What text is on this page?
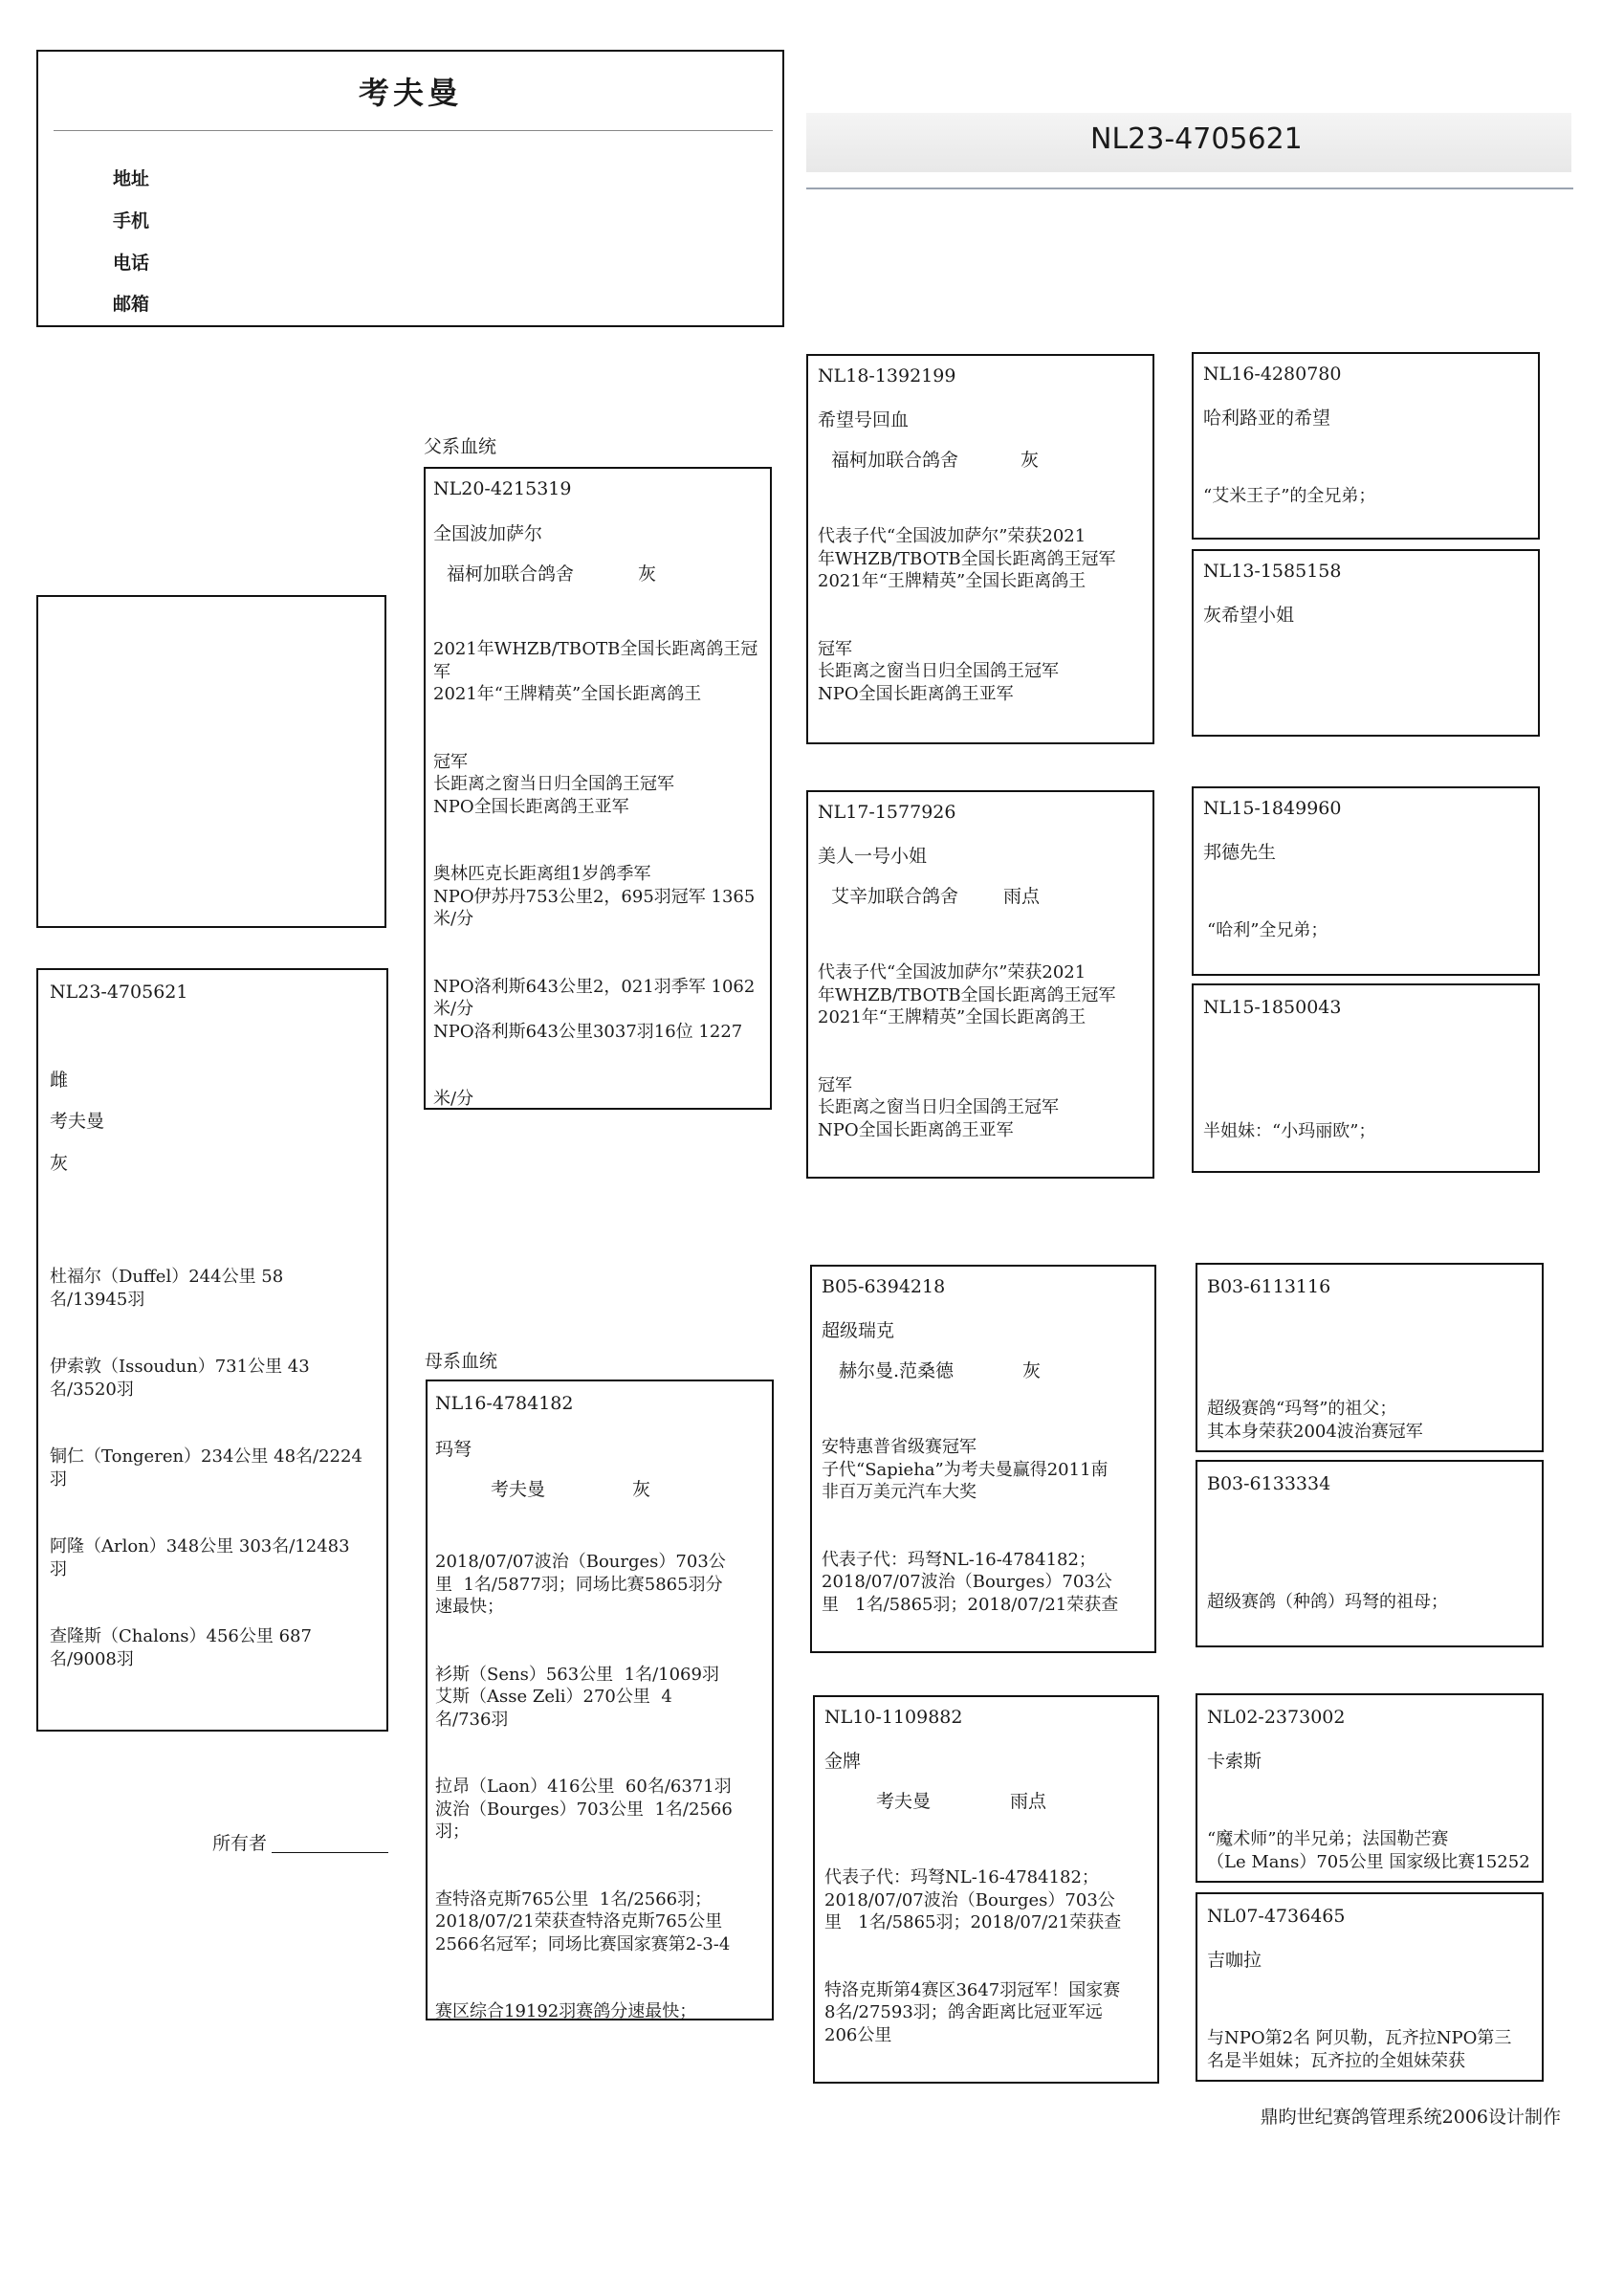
考夫曼
地址
手机
电话
邮箱
NL23-4705621
NL23-4705621
雌
考夫曼
灰

杜福尔（Duffel）244公里 58
名/13945羽

伊索敦（Issoudun）731公里 43
名/3520羽

铜仁（Tongeren）234公里 48名/2224
羽

阿隆（Arlon）348公里 303名/12483
羽

查隆斯（Chalons）456公里 687
名/9008羽

所有者
父系血统
NL20-4215319
全国波加萨尔
福柯加联合鸽舍	灰

2021年WHZB/TBOTB全国长距离鸽王冠
军
2021年“王牌精英”全国长距离鸽王

冠军
长距离之窗当日归全国鸽王冠军
NPO全国长距离鸽王亚军

奥林匹克长距离组1岁鸽季军
NPO伊苏丹753公里2，695羽冠军 1365
米/分

NPO洛利斯643公里2，021羽季军 1062
米/分
NPO洛利斯643公里3037羽16位 1227

米/分

母系血统
NL16-4784182
玛弩
考夫曼	灰

2018/07/07波治（Bourges）703公
里  1名/5877羽；同场比赛5865羽分
速最快；

衫斯（Sens）563公里  1名/1069羽
艾斯（Asse Zeli）270公里  4
名/736羽

拉昂（Laon）416公里  60名/6371羽
波治（Bourges）703公里  1名/2566
羽；

查特洛克斯765公里  1名/2566羽；
2018/07/21荣获查特洛克斯765公里
2566名冠军；同场比赛国家赛第2-3-4

赛区综合19192羽赛鸽分速最快；

NL18-1392199
希望号回血
福柯加联合鸽舍	灰

代表子代“全国波加萨尔”荣获2021
年WHZB/TBOTB全国长距离鸽王冠军
2021年“王牌精英”全国长距离鸽王

冠军
长距离之窗当日归全国鸽王冠军
NPO全国长距离鸽王亚军

NL17-1577926
美人一号小姐
艾辛加联合鸽舍 雨点

代表子代“全国波加萨尔”荣获2021
年WHZB/TBOTB全国长距离鸽王冠军
2021年“王牌精英”全国长距离鸽王

冠军
长距离之窗当日归全国鸽王冠军
NPO全国长距离鸽王亚军

B05-6394218
超级瑞克
赫尔曼.范桑德	灰

安特惠普省级赛冠军
子代“Sapieha”为考夫曼赢得2011南
非百万美元汽车大奖

代表子代：玛弩NL-16-4784182；
2018/07/07波治（Bourges）703公
里   1名/5865羽；2018/07/21荣获查

NL10-1109882
金牌
考夫曼	雨点

代表子代：玛弩NL-16-4784182；
2018/07/07波治（Bourges）703公
里   1名/5865羽；2018/07/21荣获查

特洛克斯第4赛区3647羽冠军！国家赛
8名/27593羽；鸽舍距离比冠亚军远
206公里

NL16-4280780
哈利路亚的希望

“艾米王子”的全兄弟；

NL13-1585158
灰希望小姐
NL15-1849960
邦德先生

“哈利”全兄弟；

NL15-1850043

半姐妹：“小玛丽欧”；

B03-6113116

超级赛鸽“玛弩”的祖父；
其本身荣获2004波治赛冠军

B03-6133334

超级赛鸽（种鸽）玛弩的祖母；

NL02-2373002
卡索斯

“魔术师”的半兄弟；法国勒芒赛
（Le Mans）705公里 国家级比赛15252

NL07-4736465
吉咖拉

与NPO第2名 阿贝勒，瓦齐拉NPO第三
名是半姐妹；瓦齐拉的全姐妹荣获

鼎昀世纪赛鸽管理系统2006设计制作
